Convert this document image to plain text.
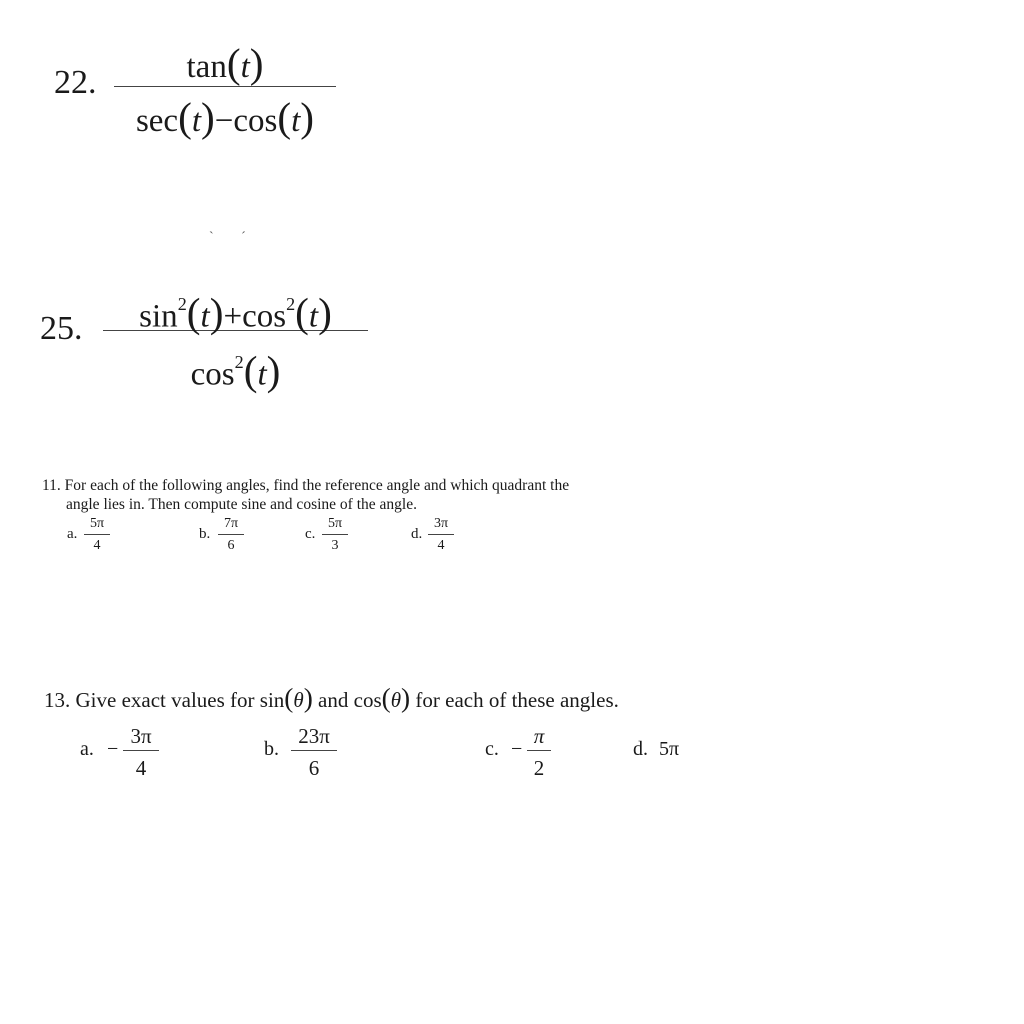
22.	tan(t)
sec(t)−cos(t)
ˋ ˊ
25.	$\sin^2(t)+\cos^2(t)$
$\cos^2(t)$
11. For each of the following angles, find the reference angle and which quadrant the
angle lies in. Then compute sine and cosine of the angle.
a.
5π
4
b.
7π
6
c.
5π
3
d.
3π
4
13. Give exact values for sin(θ) and cos(θ) for each of these angles.
a. −
3π
4
b.
23π
6
c. −
π
2
d. 5π
